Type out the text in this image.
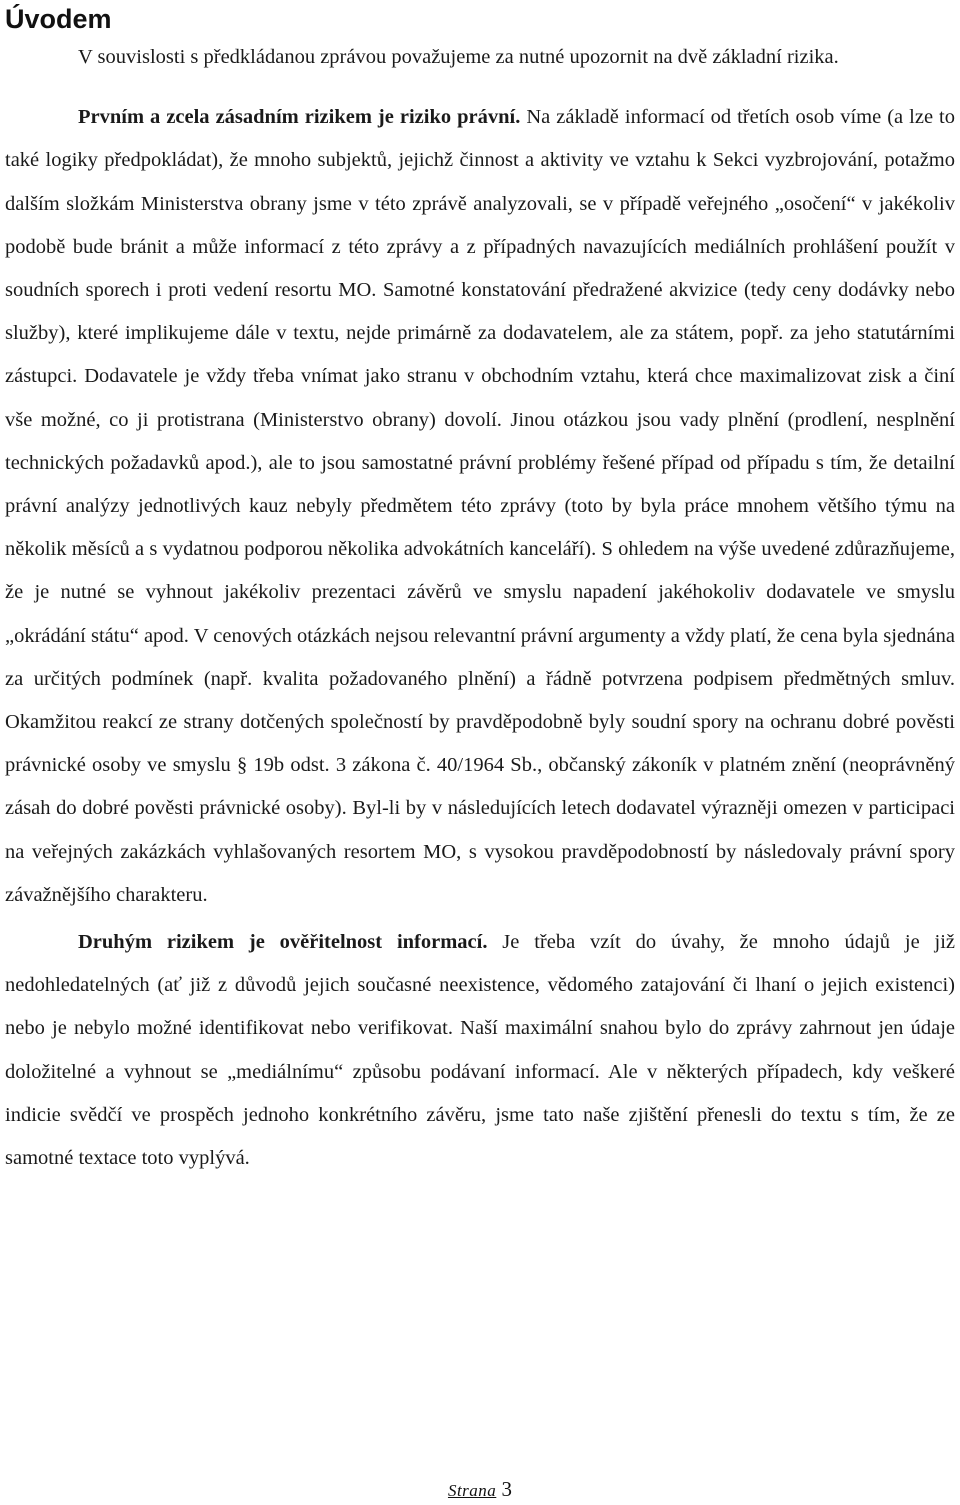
Úvodem

V souvislosti s předkládanou zprávou považujeme za nutné upozornit na dvě základní rizika.

Prvním a zcela zásadním rizikem je riziko právní. Na základě informací od třetích osob víme (a lze to také logiky předpokládat), že mnoho subjektů, jejichž činnost a aktivity ve vztahu k Sekci vyzbrojování, potažmo dalším složkám Ministerstva obrany jsme v této zprávě analyzovali, se v případě veřejného „osočení“ v jakékoliv podobě bude bránit a může informací z této zprávy a z případných navazujících mediálních prohlášení použít v soudních sporech i proti vedení resortu MO. Samotné konstatování předražené akvizice (tedy ceny dodávky nebo služby), které implikujeme dále v textu, nejde primárně za dodavatelem, ale za státem, popř. za jeho statutárními zástupci. Dodavatele je vždy třeba vnímat jako stranu v obchodním vztahu, která chce maximalizovat zisk a činí vše možné, co ji protistrana (Ministerstvo obrany) dovolí. Jinou otázkou jsou vady plnění (prodlení, nesplnění technických požadavků apod.), ale to jsou samostatné právní problémy řešené případ od případu s tím, že detailní právní analýzy jednotlivých kauz nebyly předmětem této zprávy (toto by byla práce mnohem většího týmu na několik měsíců a s vydatnou podporou několika advokátních kanceláří). S ohledem na výše uvedené zdůrazňujeme, že je nutné se vyhnout jakékoliv prezentaci závěrů ve smyslu napadení jakéhokoliv dodavatele ve smyslu „okrádání státu“ apod. V cenových otázkách nejsou relevantní právní argumenty a vždy platí, že cena byla sjednána za určitých podmínek (např. kvalita požadovaného plnění) a řádně potvrzena podpisem předmětných smluv. Okamžitou reakcí ze strany dotčených společností by pravděpodobně byly soudní spory na ochranu dobré pověsti právnické osoby ve smyslu § 19b odst. 3 zákona č. 40/1964 Sb., občanský zákoník v platném znění (neoprávněný zásah do dobré pověsti právnické osoby). Byl-li by v následujících letech dodavatel výrazněji omezen v participaci na veřejných zakázkách vyhlašovaných resortem MO, s vysokou pravděpodobností by následovaly právní spory závažnějšího charakteru.

Druhým rizikem je ověřitelnost informací. Je třeba vzít do úvahy, že mnoho údajů je již nedohledatelných (ať již z důvodů jejich současné neexistence, vědomého zatajování či lhaní o jejich existenci) nebo je nebylo možné identifikovat nebo verifikovat. Naší maximální snahou bylo do zprávy zahrnout jen údaje doložitelné a vyhnout se „mediálnímu“ způsobu podávaní informací. Ale v některých případech, kdy veškeré indicie svědčí ve prospěch jednoho konkrétního závěru, jsme tato naše zjištění přenesli do textu s tím, že ze samotné textace toto vyplývá.

Strana 3
